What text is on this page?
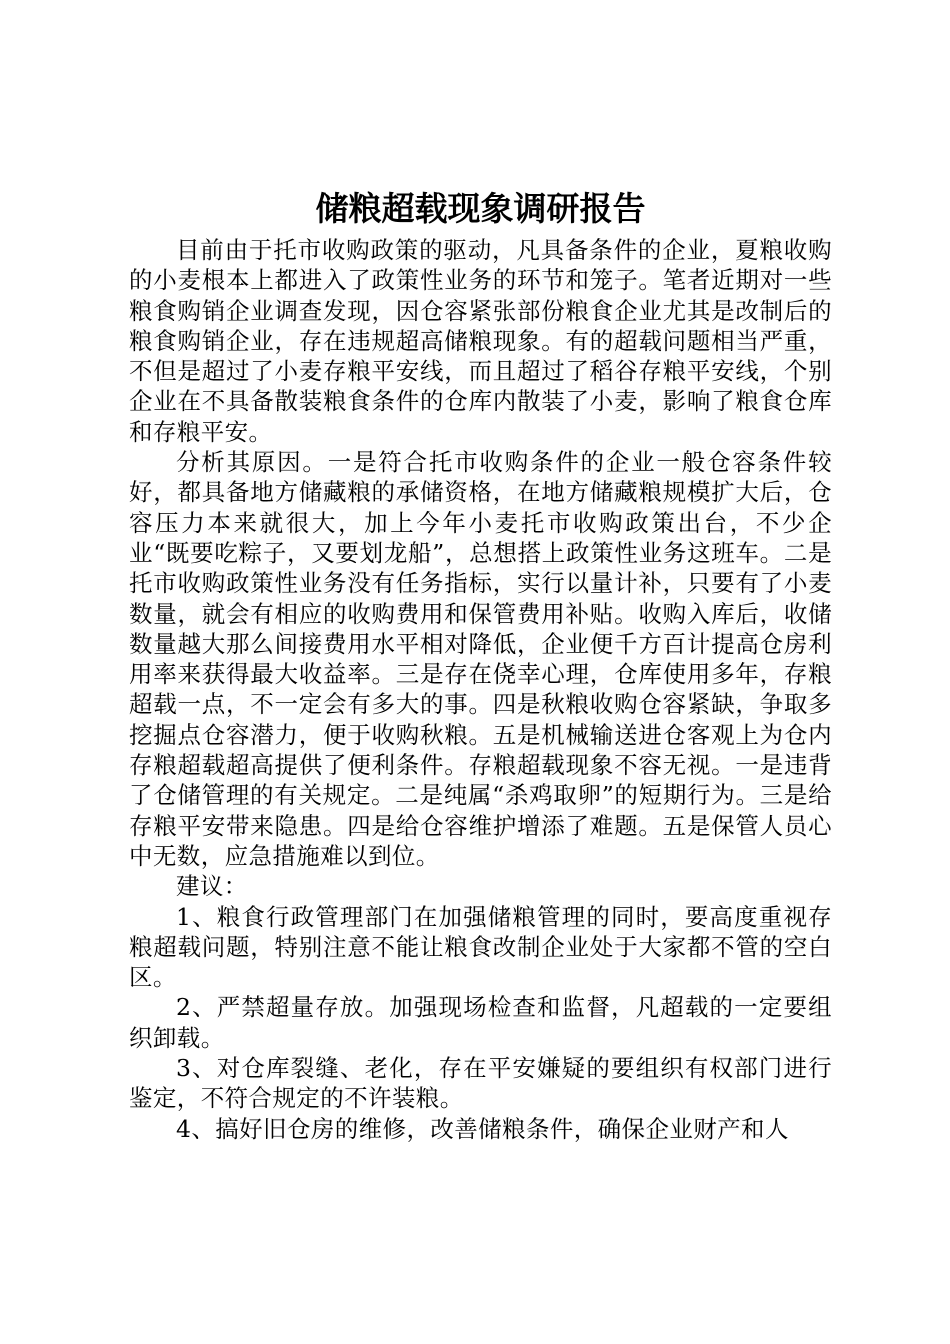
储粮超载现象调研报告

目前由于托市收购政策的驱动，凡具备条件的企业，夏粮收购的小麦根本上都进入了政策性业务的环节和笼子。笔者近期对一些粮食购销企业调查发现，因仓容紧张部份粮食企业尤其是改制后的粮食购销企业，存在违规超高储粮现象。有的超载问题相当严重，不但是超过了小麦存粮平安线，而且超过了稻谷存粮平安线，个别企业在不具备散装粮食条件的仓库内散装了小麦，影响了粮食仓库和存粮平安。

分析其原因。一是符合托市收购条件的企业一般仓容条件较好，都具备地方储藏粮的承储资格，在地方储藏粮规模扩大后，仓容压力本来就很大，加上今年小麦托市收购政策出台，不少企业“既要吃粽子，又要划龙船”，总想搭上政策性业务这班车。二是托市收购政策性业务没有任务指标，实行以量计补，只要有了小麦数量，就会有相应的收购费用和保管费用补贴。收购入库后，收储数量越大那么间接费用水平相对降低，企业便千方百计提高仓房利用率来获得最大收益率。三是存在侥幸心理，仓库使用多年，存粮超载一点，不一定会有多大的事。四是秋粮收购仓容紧缺，争取多挖掘点仓容潜力，便于收购秋粮。五是机械输送进仓客观上为仓内存粮超载超高提供了便利条件。存粮超载现象不容无视。一是违背了仓储管理的有关规定。二是纯属“杀鸡取卵”的短期行为。三是给存粮平安带来隐患。四是给仓容维护增添了难题。五是保管人员心中无数，应急措施难以到位。

建议：

1、粮食行政管理部门在加强储粮管理的同时，要高度重视存粮超载问题，特别注意不能让粮食改制企业处于大家都不管的空白区。

2、严禁超量存放。加强现场检查和监督，凡超载的一定要组织卸载。

3、对仓库裂缝、老化，存在平安嫌疑的要组织有权部门进行鉴定，不符合规定的不许装粮。

4、搞好旧仓房的维修，改善储粮条件，确保企业财产和人
